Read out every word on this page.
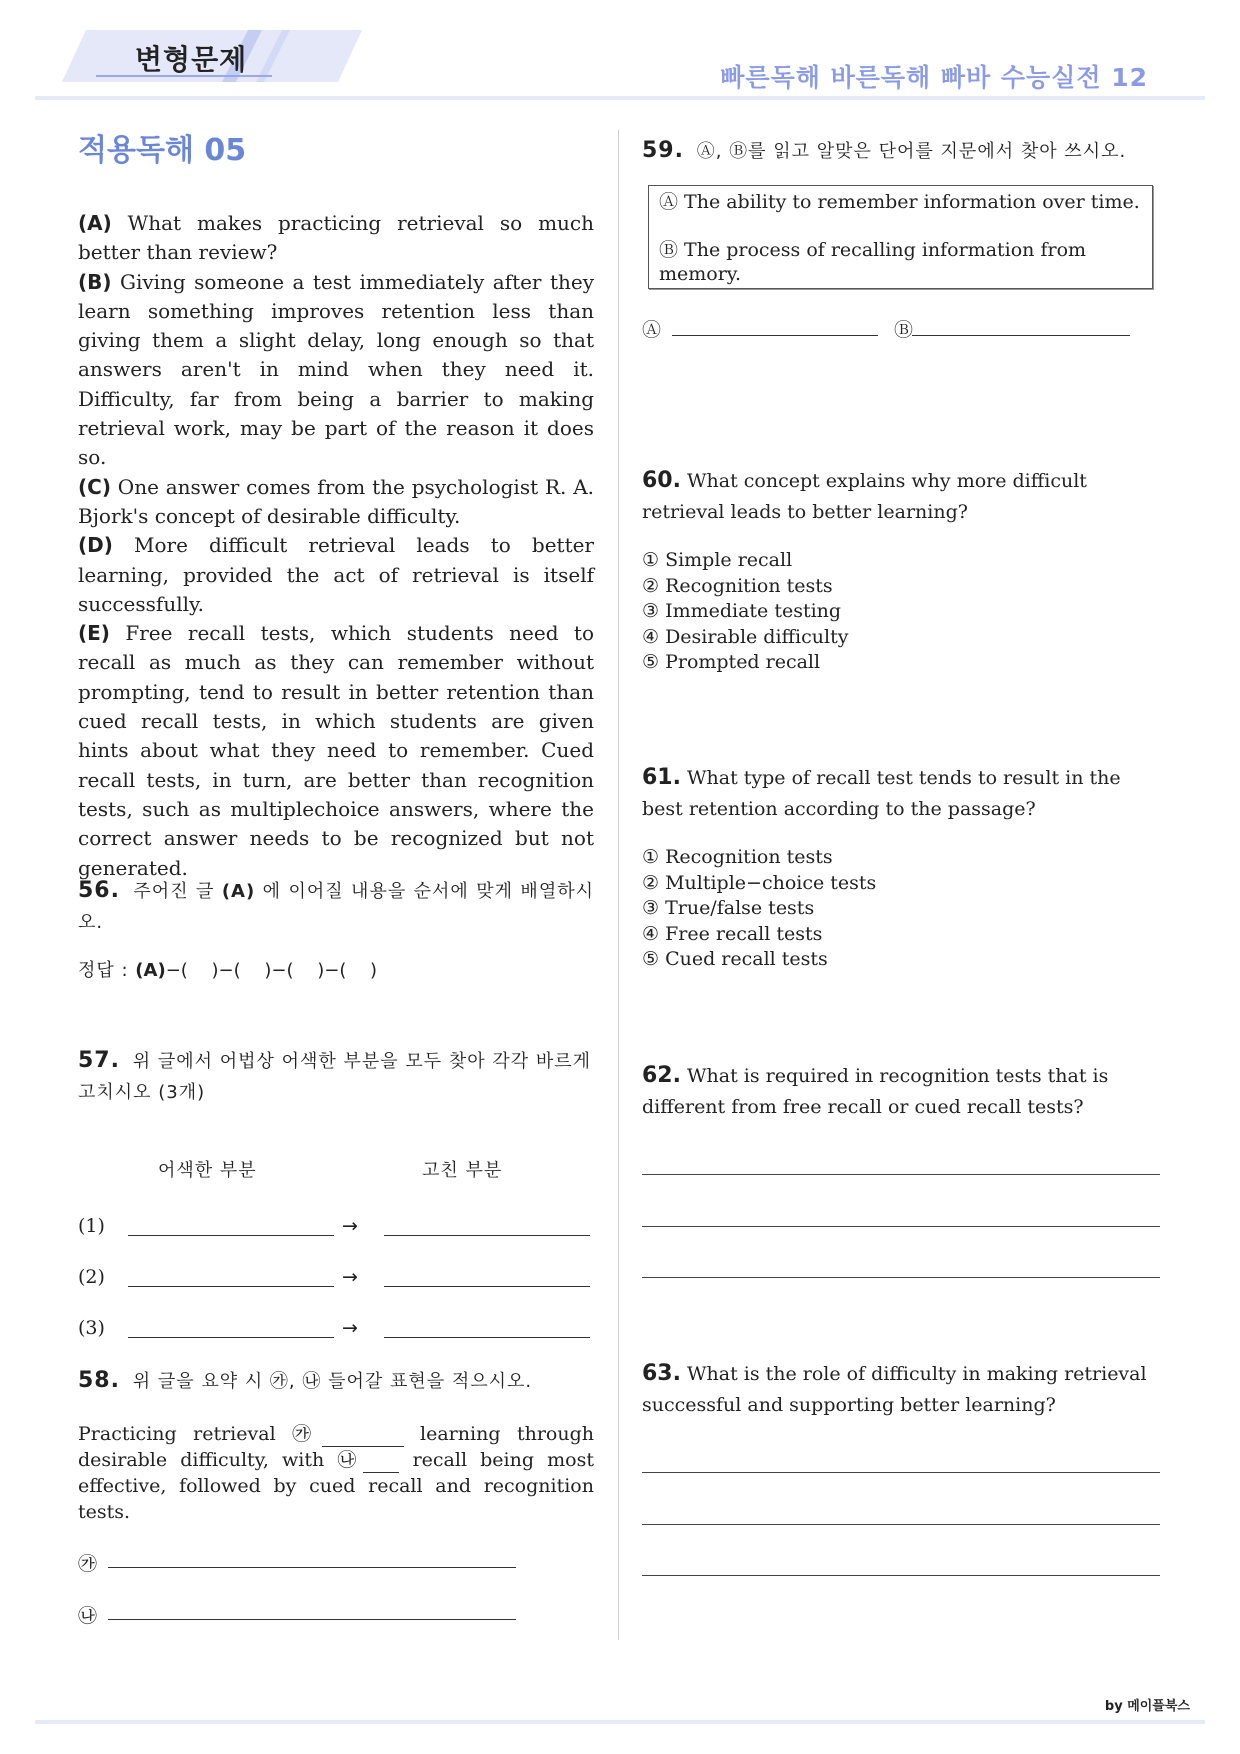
변형문제
빠른독해 바른독해 빠바 수능실전 12
적용독해 05

(A) What makes practicing retrieval so much better than review?
(B) Giving someone a test immediately after they learn something improves retention less than giving them a slight delay, long enough so that answers aren't in mind when they need it. Difficulty, far from being a barrier to making retrieval work, may be part of the reason it does so.
(C) One answer comes from the psychologist R. A. Bjork's concept of desirable difficulty.
(D) More difficult retrieval leads to better learning, provided the act of retrieval is itself successfully.
(E) Free recall tests, which students need to recall as much as they can remember without prompting, tend to result in better retention than cued recall tests, in which students are given hints about what they need to remember. Cued recall tests, in turn, are better than recognition tests, such as multiplechoice answers, where the correct answer needs to be recognized but not generated.

56. 주어진 글 (A) 에 이어질 내용을 순서에 맞게 배열하시오.
정답 : (A)−(　 )−(　 )−(　 )−(　 )
57. 위 글에서 어법상 어색한 부분을 모두 찾아 각각 바르게 고치시오 (3개)
어색한 부분	고친 부분
(1)	→
(2)	→
(3)	→
58. 위 글을 요약 시 ㉮, ㉯ 들어갈 표현을 적으시오.

Practicing retrieval ㉮	learning through desirable difficulty, with ㉯ recall being most effective, followed by cued recall and recognition tests.

㉮
㉯
59. Ⓐ, Ⓑ를 읽고 알맞은 단어를 지문에서 찾아 쓰시오.
Ⓐ The ability to remember information over time.
Ⓑ The process of recalling information from memory.
Ⓐ	Ⓑ
60. What concept explains why more difficult retrieval leads to better learning?
① Simple recall
② Recognition tests
③ Immediate testing
④ Desirable difficulty
⑤ Prompted recall
61. What type of recall test tends to result in the best retention according to the passage?
① Recognition tests
② Multiple−choice tests
③ True/false tests
④ Free recall tests
⑤ Cued recall tests
62. What is required in recognition tests that is different from free recall or cued recall tests?
63. What is the role of difficulty in making retrieval successful and supporting better learning?
by 메이플북스
